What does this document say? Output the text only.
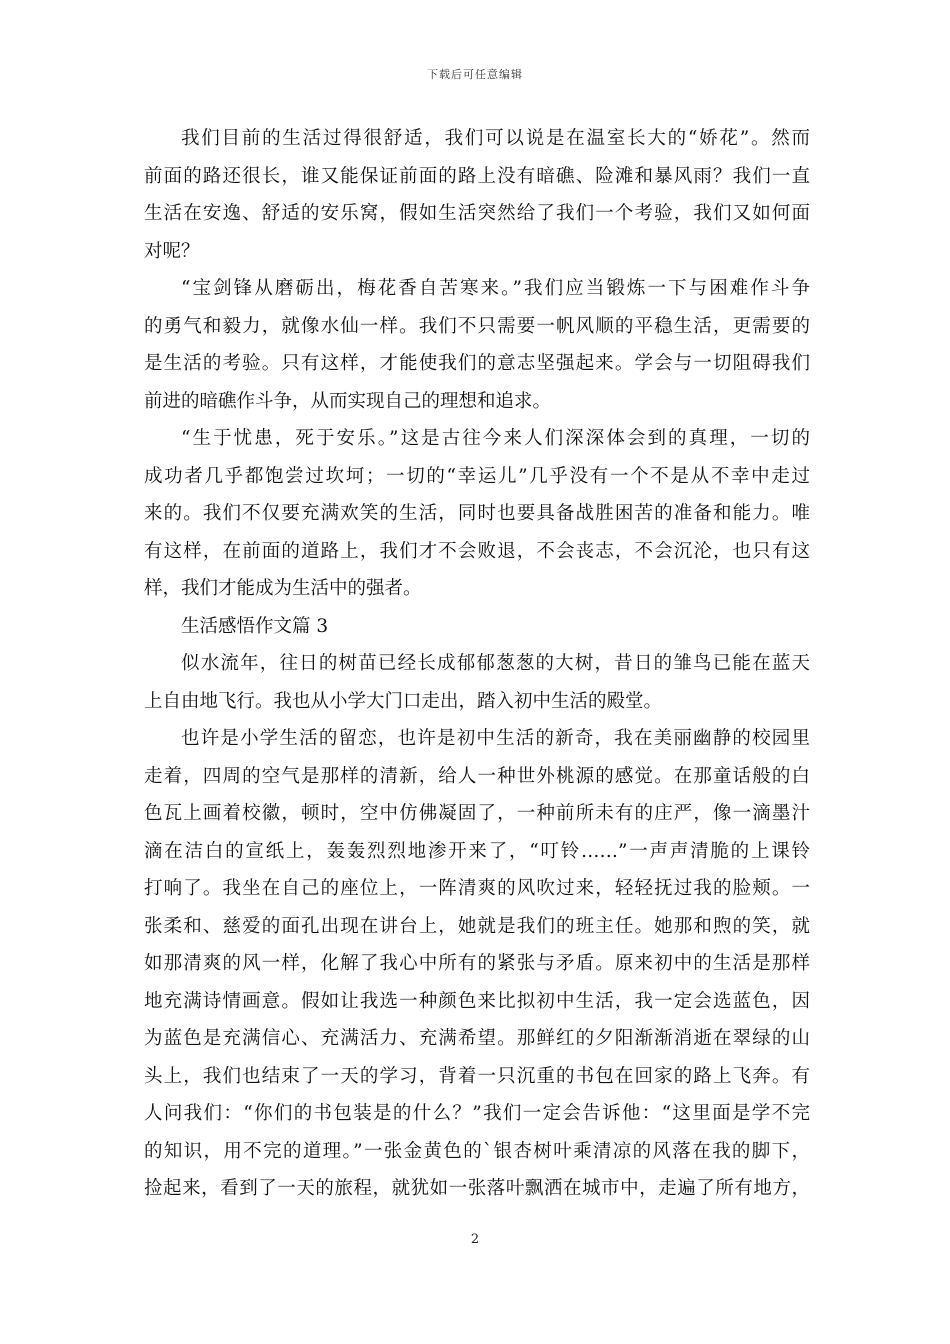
下载后可任意编辑
我们目前的生活过得很舒适，我们可以说是在温室长大的“娇花”。然而
前面的路还很长，谁又能保证前面的路上没有暗礁、险滩和暴风雨？我们一直
生活在安逸、舒适的安乐窝，假如生活突然给了我们一个考验，我们又如何面
对呢？
“宝剑锋从磨砺出，梅花香自苦寒来。”我们应当锻炼一下与困难作斗争
的勇气和毅力，就像水仙一样。我们不只需要一帆风顺的平稳生活，更需要的
是生活的考验。只有这样，才能使我们的意志坚强起来。学会与一切阻碍我们
前进的暗礁作斗争，从而实现自己的理想和追求。
“生于忧患，死于安乐。”这是古往今来人们深深体会到的真理，一切的
成功者几乎都饱尝过坎坷；一切的“幸运儿”几乎没有一个不是从不幸中走过
来的。我们不仅要充满欢笑的生活，同时也要具备战胜困苦的准备和能力。唯
有这样，在前面的道路上，我们才不会败退，不会丧志，不会沉沦，也只有这
样，我们才能成为生活中的强者。
生活感悟作文篇 3
似水流年，往日的树苗已经长成郁郁葱葱的大树，昔日的雏鸟已能在蓝天
上自由地飞行。我也从小学大门口走出，踏入初中生活的殿堂。
也许是小学生活的留恋，也许是初中生活的新奇，我在美丽幽静的校园里
走着，四周的空气是那样的清新，给人一种世外桃源的感觉。在那童话般的白
色瓦上画着校徽，顿时，空中仿佛凝固了，一种前所未有的庄严，像一滴墨汁
滴在洁白的宣纸上，轰轰烈烈地渗开来了，“叮铃……”一声声清脆的上课铃
打响了。我坐在自己的座位上，一阵清爽的风吹过来，轻轻抚过我的脸颊。一
张柔和、慈爱的面孔出现在讲台上，她就是我们的班主任。她那和煦的笑，就
如那清爽的风一样，化解了我心中所有的紧张与矛盾。原来初中的生活是那样
地充满诗情画意。假如让我选一种颜色来比拟初中生活，我一定会选蓝色，因
为蓝色是充满信心、充满活力、充满希望。那鲜红的夕阳渐渐消逝在翠绿的山
头上，我们也结束了一天的学习，背着一只沉重的书包在回家的路上飞奔。有
人问我们：“你们的书包装是的什么？”我们一定会告诉他：“这里面是学不完
的知识，用不完的道理。”一张金黄色的`银杏树叶乘清凉的风落在我的脚下，
捡起来，看到了一天的旅程，就犹如一张落叶飘洒在城市中，走遍了所有地方，
2
